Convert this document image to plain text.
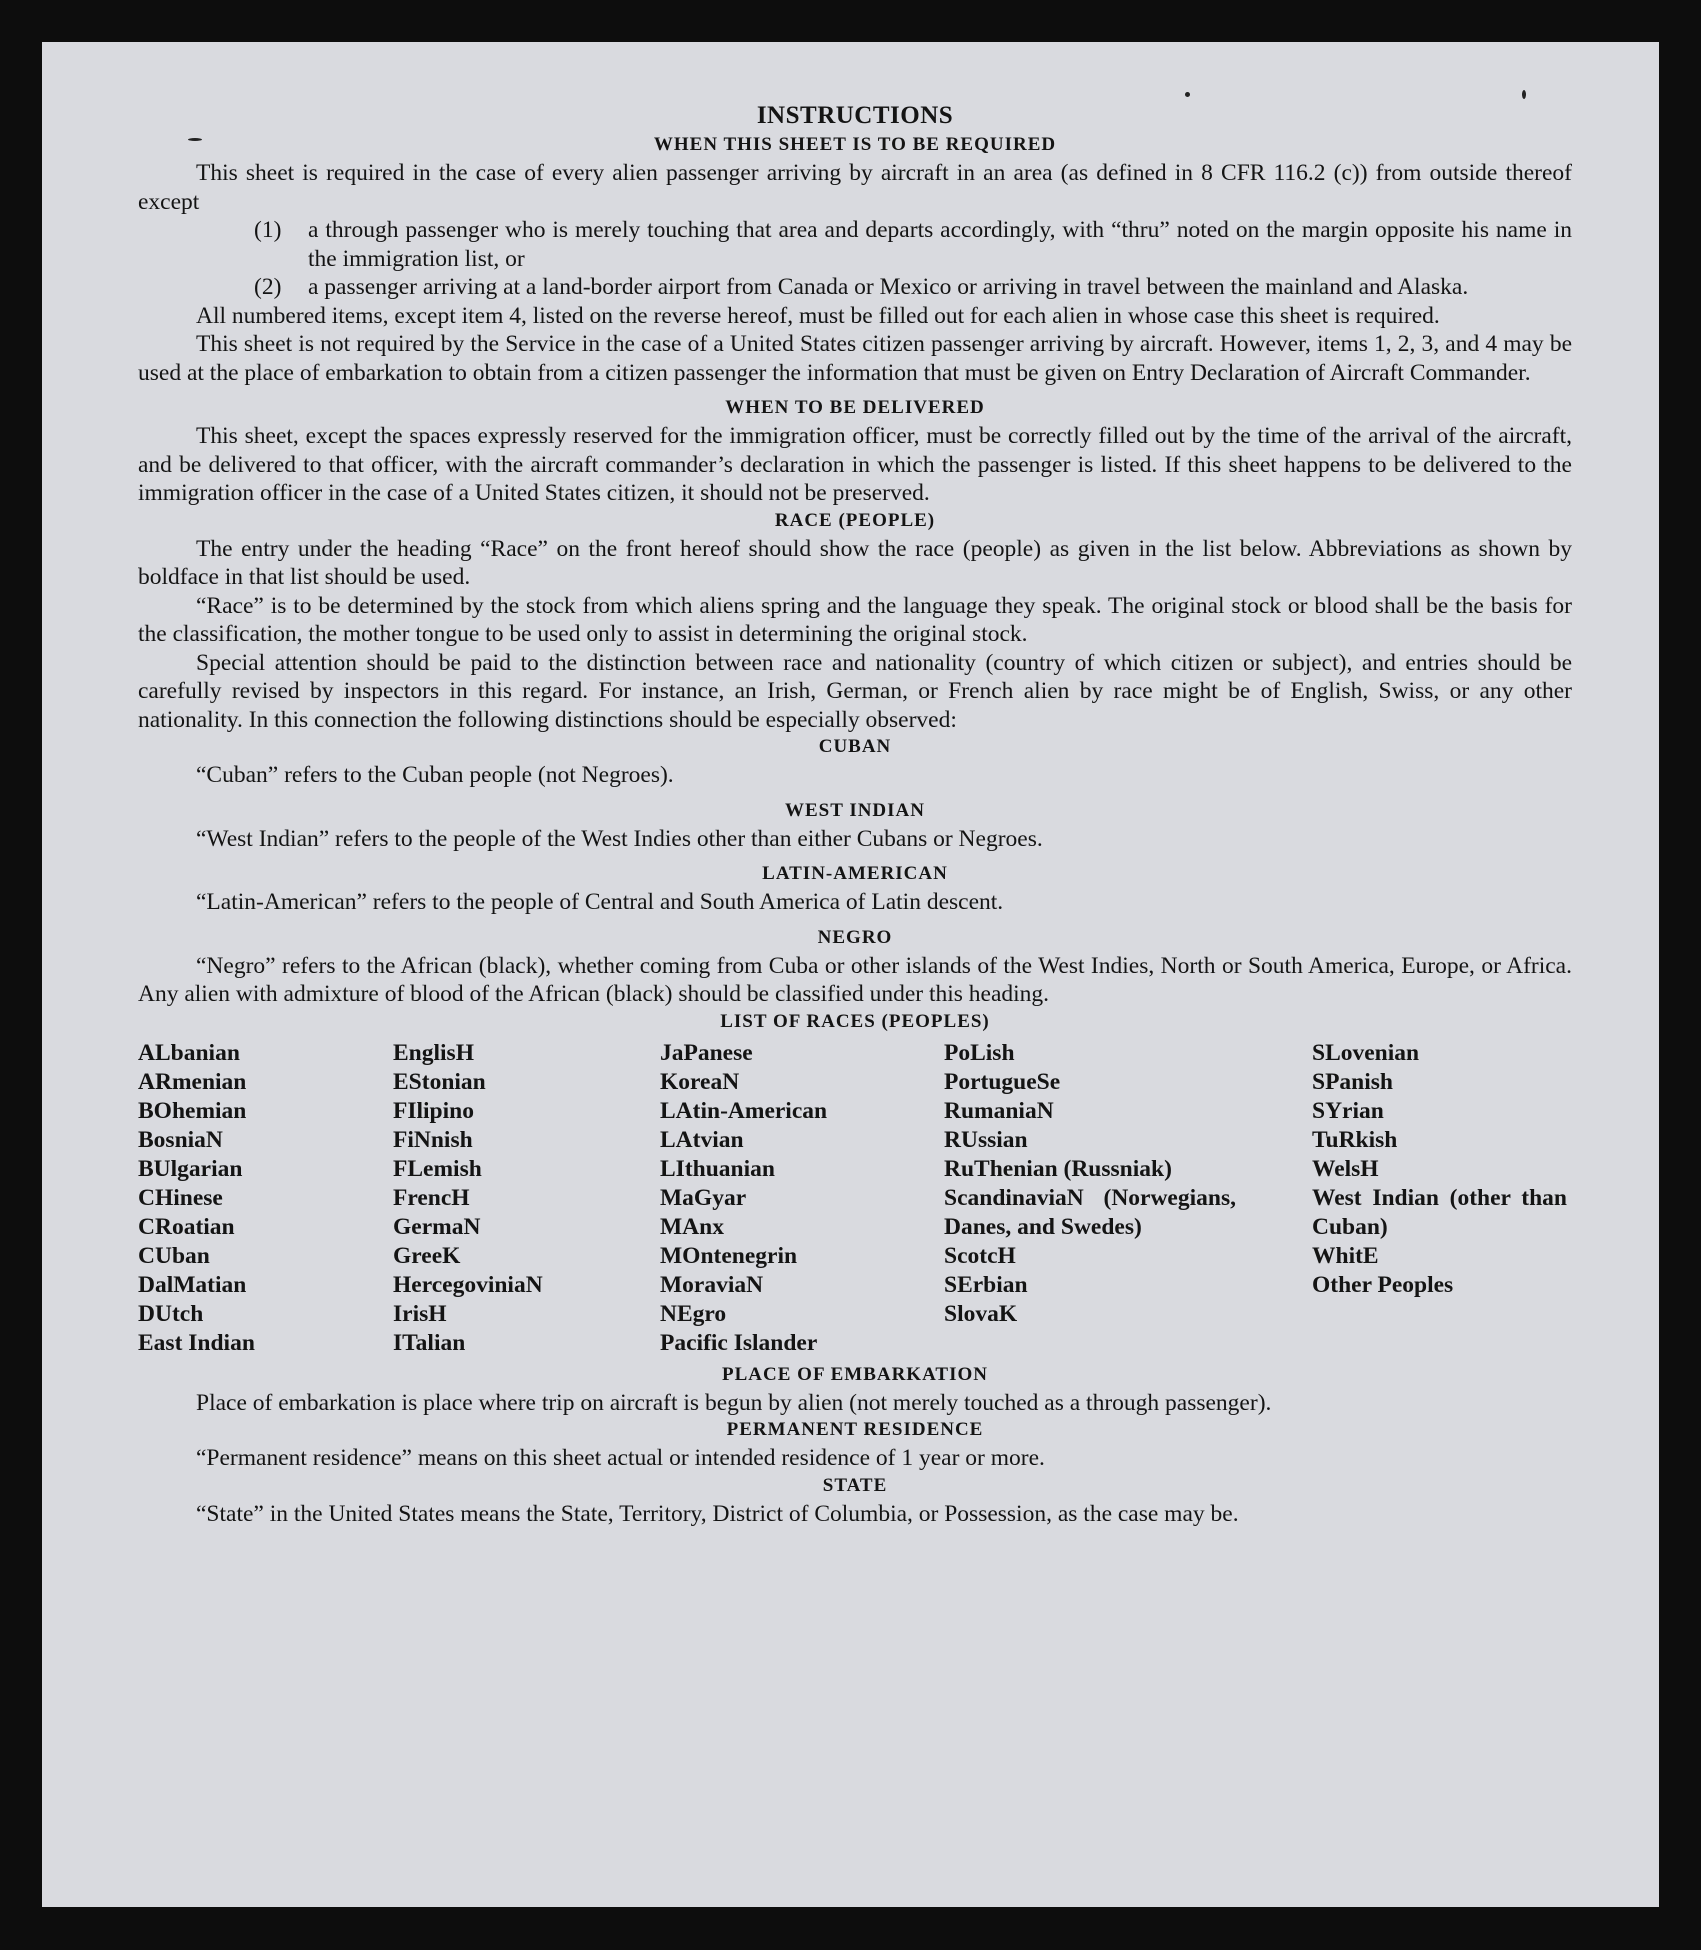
INSTRUCTIONS
WHEN THIS SHEET IS TO BE REQUIRED

This sheet is required in the case of every alien passenger arriving by aircraft in an area (as defined in 8 CFR 116.2 (c)) from outside thereof except

(1)	a through passenger who is merely touching that area and departs accordingly, with “thru” noted on the margin opposite his name in the immigration list, or

(2)	a passenger arriving at a land-border airport from Canada or Mexico or arriving in travel between the mainland and Alaska.

All numbered items, except item 4, listed on the reverse hereof, must be filled out for each alien in whose case this sheet is required.

This sheet is not required by the Service in the case of a United States citizen passenger arriving by aircraft. However, items 1, 2, 3, and 4 may be used at the place of embarkation to obtain from a citizen passenger the information that must be given on Entry Declaration of Aircraft Commander.

WHEN TO BE DELIVERED

This sheet, except the spaces expressly reserved for the immigration officer, must be correctly filled out by the time of the arrival of the aircraft, and be delivered to that officer, with the aircraft commander’s declaration in which the passenger is listed. If this sheet happens to be delivered to the immigration officer in the case of a United States citizen, it should not be preserved.

RACE (PEOPLE)

The entry under the heading “Race” on the front hereof should show the race (people) as given in the list below. Abbreviations as shown by boldface in that list should be used.

“Race” is to be determined by the stock from which aliens spring and the language they speak. The original stock or blood shall be the basis for the classification, the mother tongue to be used only to assist in determining the original stock.

Special attention should be paid to the distinction between race and nationality (country of which citizen or subject), and entries should be carefully revised by inspectors in this regard. For instance, an Irish, German, or French alien by race might be of English, Swiss, or any other nationality. In this connection the following distinctions should be especially observed:

CUBAN

“Cuban” refers to the Cuban people (not Negroes).

WEST INDIAN

“West Indian” refers to the people of the West Indies other than either Cubans or Negroes.

LATIN-AMERICAN

“Latin-American” refers to the people of Central and South America of Latin descent.

NEGRO

“Negro” refers to the African (black), whether coming from Cuba or other islands of the West Indies, North or South America, Europe, or Africa. Any alien with admixture of blood of the African (black) should be classified under this heading.

LIST OF RACES (PEOPLES)
ALbanian
ARmenian
BOhemian
BosniaN
BUlgarian
CHinese
CRoatian
CUban
DalMatian
DUtch
East Indian
EnglisH
EStonian
FIlipino
FiNnish
FLemish
FrencH
GermaN
GreeK
HercegoviniaN
IrisH
ITalian
JaPanese
KoreaN
LAtin-American
LAtvian
LIthuanian
MaGyar
MAnx
MOntenegrin
MoraviaN
NEgro
Pacific Islander
PoLish
PortugueSe
RumaniaN
RUssian
RuThenian (Russniak)
ScandinaviaN (Norwegians, Danes, and Swedes)
ScotcH
SErbian
SlovaK
SLovenian
SPanish
SYrian
TuRkish
WelsH
West Indian (other than Cuban)
WhitE
Other Peoples
PLACE OF EMBARKATION

Place of embarkation is place where trip on aircraft is begun by alien (not merely touched as a through passenger).

PERMANENT RESIDENCE

“Permanent residence” means on this sheet actual or intended residence of 1 year or more.

STATE

“State” in the United States means the State, Territory, District of Columbia, or Possession, as the case may be.
